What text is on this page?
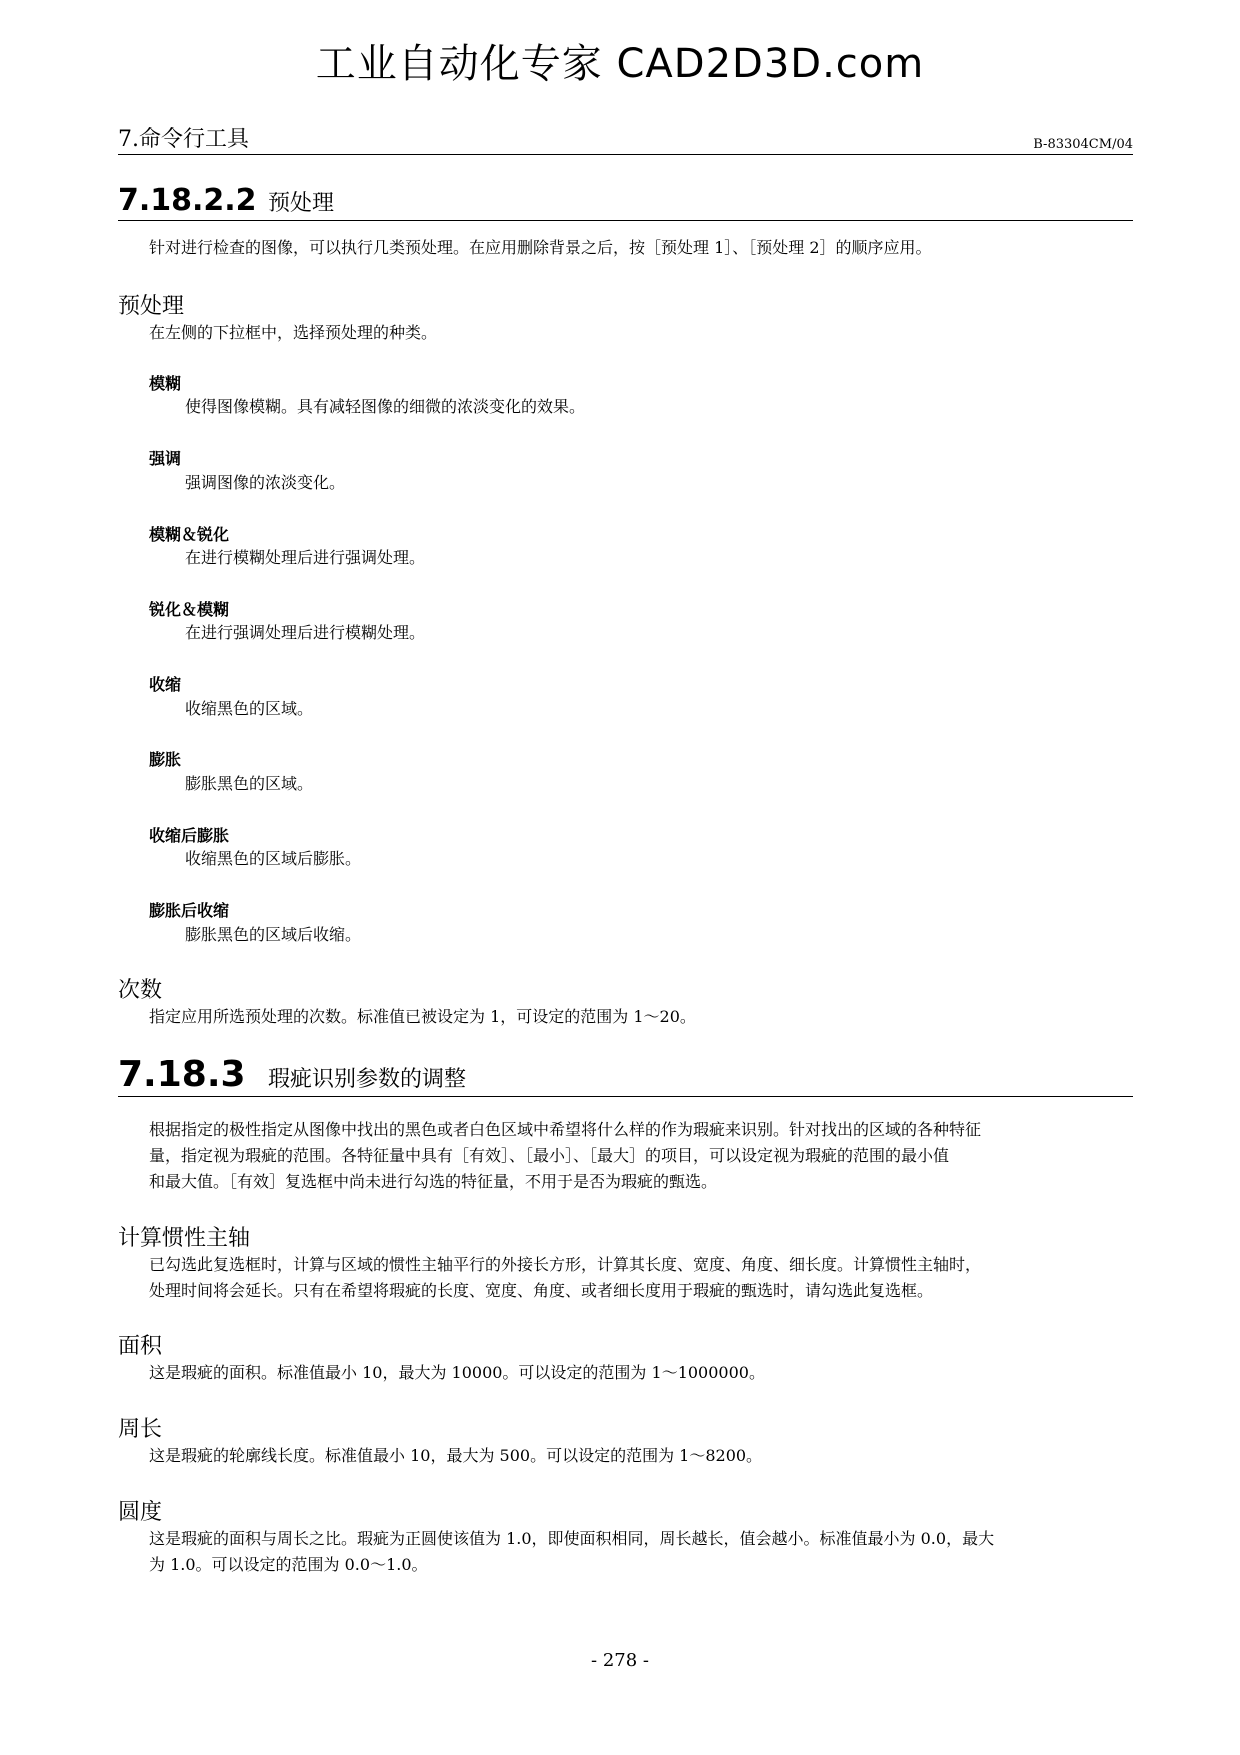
工业自动化专家 CAD2D3D.com
7.命令行工具	B-83304CM/04
7.18.2.2 预处理
针对进行检查的图像，可以执行几类预处理。在应用删除背景之后，按［预处理 1］、［预处理 2］的顺序应用。
预处理
在左侧的下拉框中，选择预处理的种类。
模糊
使得图像模糊。具有减轻图像的细微的浓淡变化的效果。
强调
强调图像的浓淡变化。
模糊＆锐化
在进行模糊处理后进行强调处理。
锐化＆模糊
在进行强调处理后进行模糊处理。
收缩
收缩黑色的区域。
膨胀
膨胀黑色的区域。
收缩后膨胀
收缩黑色的区域后膨胀。
膨胀后收缩
膨胀黑色的区域后收缩。
次数
指定应用所选预处理的次数。标准值已被设定为 1，可设定的范围为 1～20。
7.18.3 瑕疵识别参数的调整
根据指定的极性指定从图像中找出的黑色或者白色区域中希望将什么样的作为瑕疵来识别。针对找出的区域的各种特征
量，指定视为瑕疵的范围。各特征量中具有［有效］、［最小］、［最大］的项目，可以设定视为瑕疵的范围的最小值
和最大值。［有效］复选框中尚未进行勾选的特征量，不用于是否为瑕疵的甄选。
计算惯性主轴
已勾选此复选框时，计算与区域的惯性主轴平行的外接长方形，计算其长度、宽度、角度、细长度。计算惯性主轴时，
处理时间将会延长。只有在希望将瑕疵的长度、宽度、角度、或者细长度用于瑕疵的甄选时，请勾选此复选框。
面积
这是瑕疵的面积。标准值最小 10，最大为 10000。可以设定的范围为 1～1000000。
周长
这是瑕疵的轮廓线长度。标准值最小 10，最大为 500。可以设定的范围为 1～8200。
圆度
这是瑕疵的面积与周长之比。瑕疵为正圆使该值为 1.0，即使面积相同，周长越长，值会越小。标准值最小为 0.0，最大
为 1.0。可以设定的范围为 0.0～1.0。
- 278 -
